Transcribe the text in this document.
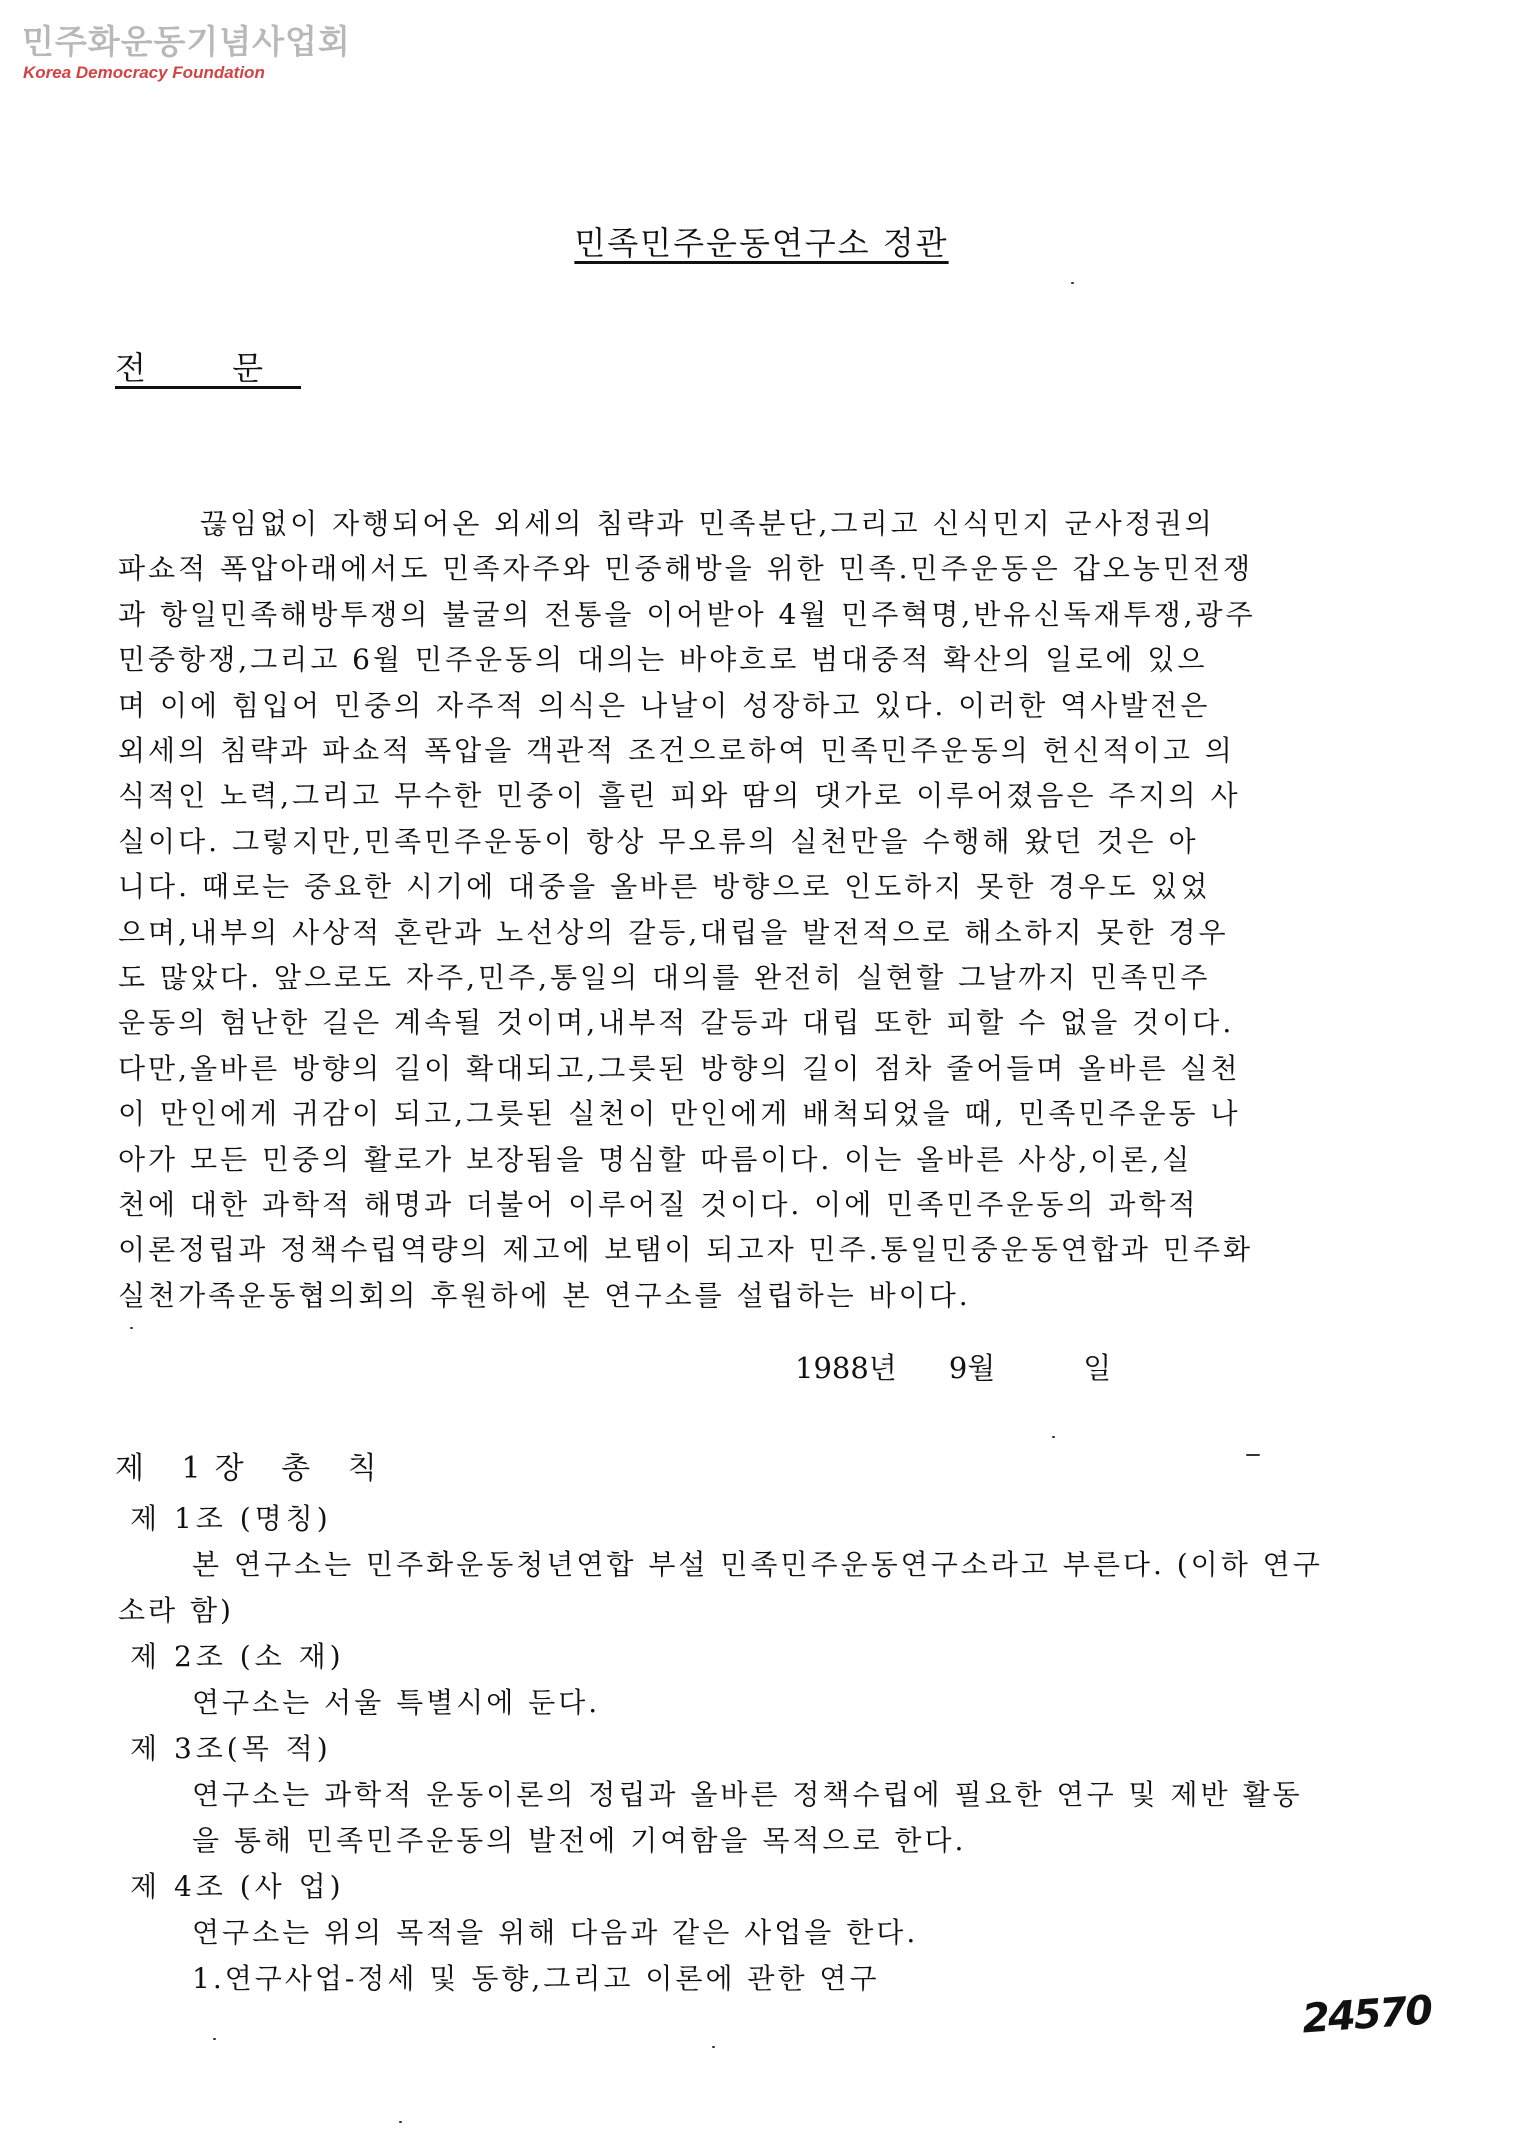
민주화운동기념사업회
Korea Democracy Foundation
민족민주운동연구소 정관
전 문
끊임없이 자행되어온 외세의 침략과 민족분단,그리고 신식민지 군사정권의
파쇼적 폭압아래에서도 민족자주와 민중해방을 위한 민족.민주운동은 갑오농민전쟁
과 항일민족해방투쟁의 불굴의 전통을 이어받아 4월 민주혁명,반유신독재투쟁,광주
민중항쟁,그리고 6월 민주운동의 대의는 바야흐로 범대중적 확산의 일로에 있으
며 이에 힘입어 민중의 자주적 의식은 나날이 성장하고 있다. 이러한 역사발전은
외세의 침략과 파쇼적 폭압을 객관적 조건으로하여 민족민주운동의 헌신적이고 의
식적인 노력,그리고 무수한 민중이 흘린 피와 땀의 댓가로 이루어졌음은 주지의 사
실이다. 그렇지만,민족민주운동이 항상 무오류의 실천만을 수행해 왔던 것은 아
니다. 때로는 중요한 시기에 대중을 올바른 방향으로 인도하지 못한 경우도 있었
으며,내부의 사상적 혼란과 노선상의 갈등,대립을 발전적으로 해소하지 못한 경우
도 많았다. 앞으로도 자주,민주,통일의 대의를 완전히 실현할 그날까지 민족민주
운동의 험난한 길은 계속될 것이며,내부적 갈등과 대립 또한 피할 수 없을 것이다.
다만,올바른 방향의 길이 확대되고,그릇된 방향의 길이 점차 줄어들며 올바른 실천
이 만인에게 귀감이 되고,그릇된 실천이 만인에게 배척되었을 때, 민족민주운동 나
아가 모든 민중의 활로가 보장됨을 명심할 따름이다. 이는 올바른 사상,이론,실
천에 대한 과학적 해명과 더불어 이루어질 것이다. 이에 민족민주운동의 과학적
이론정립과 정책수립역량의 제고에 보탬이 되고자 민주.통일민중운동연합과 민주화
실천가족운동협의회의 후원하에 본 연구소를 설립하는 바이다.
1988년 9월	일
제 1장 총 칙
제 1조 (명칭)
본 연구소는 민주화운동청년연합 부설 민족민주운동연구소라고 부른다. (이하 연구
소라 함)
제 2조 (소 재)
연구소는 서울 특별시에 둔다.
제 3조(목 적)
연구소는 과학적 운동이론의 정립과 올바른 정책수립에 필요한 연구 및 제반 활동
을 통해 민족민주운동의 발전에 기여함을 목적으로 한다.
제 4조 (사 업)
연구소는 위의 목적을 위해 다음과 같은 사업을 한다.
1.연구사업-정세 및 동향,그리고 이론에 관한 연구
24570
